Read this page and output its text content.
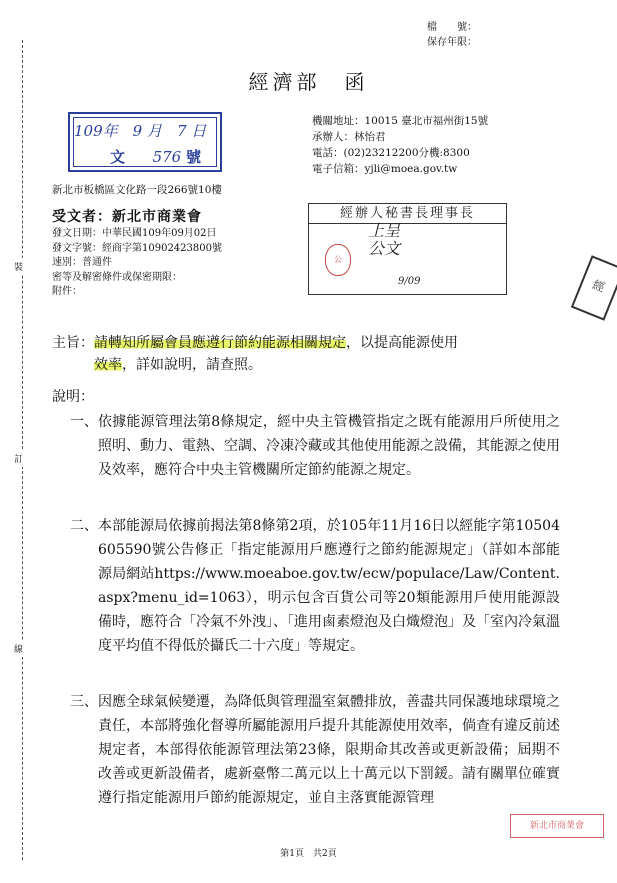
檔　　號：
保存年限：
裝
訂
線
經濟部　函
109年　9 月　7 日
文 576 號
新北市板橋區文化路一段266號10樓
機關地址：10015 臺北市福州街15號
承辦人：林怡君
電話：(02)23212200分機:8300
電子信箱：yjli@moea.gov.tw
經辦人秘書長理事長
公
上呈
公文
9/09	經
受文者：新北市商業會
發文日期：中華民國109年09月02日
發文字號：經商字第10902423800號
速別：普通件
密等及解密條件或保密期限：
附件：
主旨： 請轉知所屬會員應遵行節約能源相關規定，以提高能源使用
效率，詳如說明，請查照。
說明：
一、 依據能源管理法第8條規定，經中央主管機管指定之既有能源用戶所使用之照明、動力、電熱、空調、冷凍冷藏或其他使用能源之設備，其能源之使用及效率，應符合中央主管機關所定節約能源之規定。
二、 本部能源局依據前揭法第8條第2項，於105年11月16日以經能字第10504605590號公告修正「指定能源用戶應遵行之節約能源規定」（詳如本部能源局網站https://www.moeaboe.gov.tw/ecw/populace/Law/Content.aspx?menu_id=1063），明示包含百貨公司等20類能源用戶使用能源設備時，應符合「冷氣不外洩」、「進用鹵素燈泡及白熾燈泡」及「室內冷氣溫度平均值不得低於攝氏二十六度」等規定。
三、 因應全球氣候變遷，為降低與管理溫室氣體排放，善盡共同保護地球環境之責任，本部將強化督導所屬能源用戶提升其能源使用效率，倘查有違反前述規定者，本部得依能源管理法第23條，限期命其改善或更新設備；屆期不改善或更新設備者，處新臺幣二萬元以上十萬元以下罰鍰。請有關單位確實遵行指定能源用戶節約能源規定，並自主落實能源管理
新北市商業會
第1頁　共2頁
